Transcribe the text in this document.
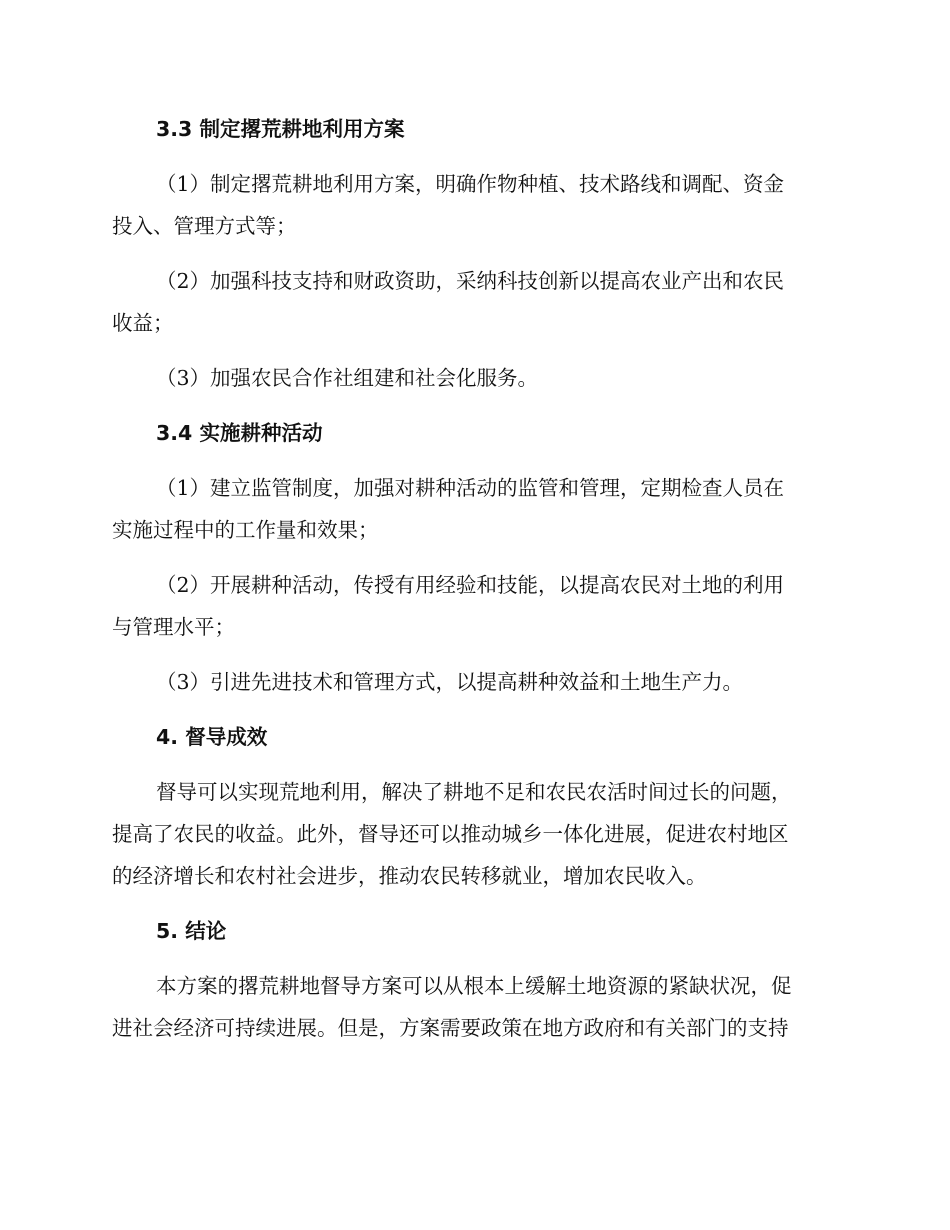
3.3 制定撂荒耕地利用方案
（1）制定撂荒耕地利用方案，明确作物种植、技术路线和调配、资金
投入、管理方式等；
（2）加强科技支持和财政资助，采纳科技创新以提高农业产出和农民
收益；
（3）加强农民合作社组建和社会化服务。
3.4 实施耕种活动
（1）建立监管制度，加强对耕种活动的监管和管理，定期检查人员在
实施过程中的工作量和效果；
（2）开展耕种活动，传授有用经验和技能，以提高农民对土地的利用
与管理水平；
（3）引进先进技术和管理方式，以提高耕种效益和土地生产力。
4. 督导成效
督导可以实现荒地利用，解决了耕地不足和农民农活时间过长的问题，
提高了农民的收益。此外，督导还可以推动城乡一体化进展，促进农村地区
的经济增长和农村社会进步，推动农民转移就业，增加农民收入。
5. 结论
本方案的撂荒耕地督导方案可以从根本上缓解土地资源的紧缺状况，促
进社会经济可持续进展。但是，方案需要政策在地方政府和有关部门的支持
